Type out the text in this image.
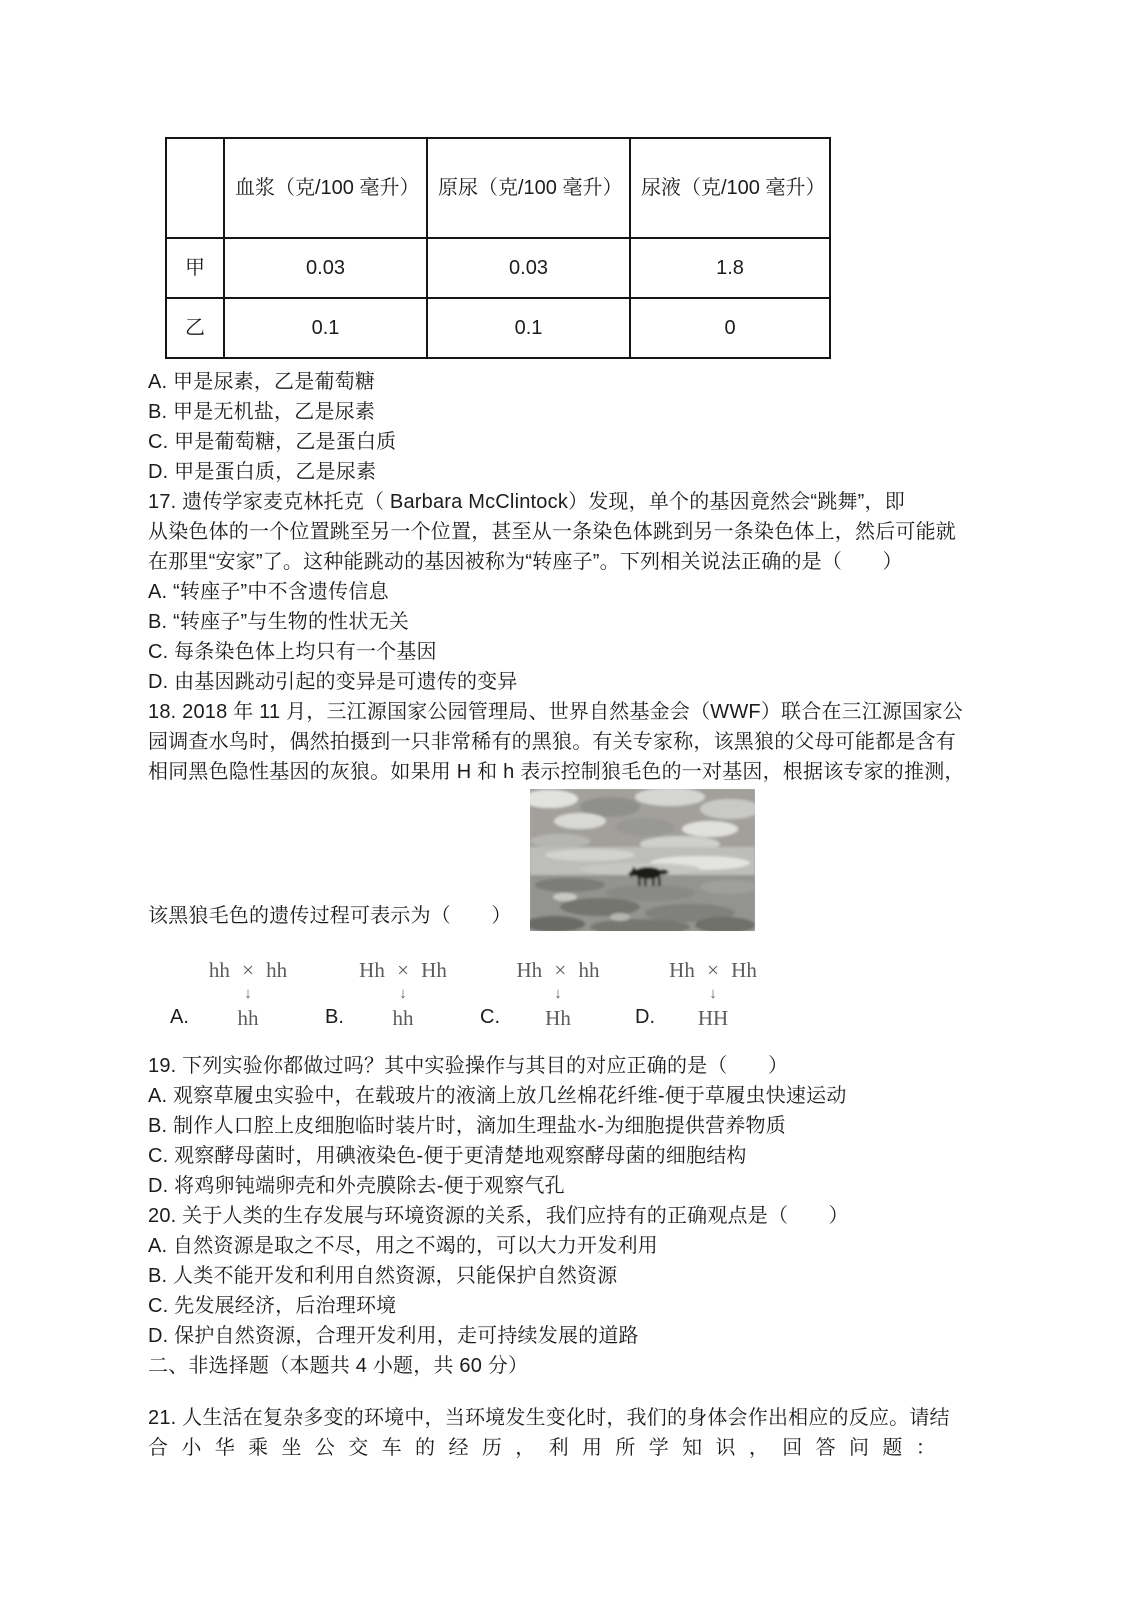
	血浆（克/100 毫升）	原尿（克/100 毫升）	尿液（克/100 毫升）
甲	0.03	0.03	1.8
乙	0.1	0.1	0
A. 甲是尿素，乙是葡萄糖
B. 甲是无机盐，乙是尿素
C. 甲是葡萄糖，乙是蛋白质
D. 甲是蛋白质，乙是尿素
17. 遗传学家麦克林托克（ Barbara McClintock）发现，单个的基因竟然会“跳舞”，即
从染色体的一个位置跳至另一个位置，甚至从一条染色体跳到另一条染色体上，然后可能就
在那里“安家”了。这种能跳动的基因被称为“转座子”。下列相关说法正确的是（　　）
A. “转座子”中不含遗传信息
B. “转座子”与生物的性状无关
C. 每条染色体上均只有一个基因
D. 由基因跳动引起的变异是可遗传的变异
18. 2018 年 11 月，三江源国家公园管理局、世界自然基金会（WWF）联合在三江源国家公
园调查水鸟时，偶然拍摄到一只非常稀有的黑狼。有关专家称，该黑狼的父母可能都是含有
相同黑色隐性基因的灰狼。如果用 H 和 h 表示控制狼毛色的一对基因，根据该专家的推测，
该黑狼毛色的遗传过程可表示为（　　）
A.
hh × hh
↓
hh	B.
Hh × Hh
↓
hh	C.
Hh × hh
↓
Hh	D.
Hh × Hh
↓
HH
19. 下列实验你都做过吗？其中实验操作与其目的对应正确的是（　　）
A. 观察草履虫实验中，在载玻片的液滴上放几丝棉花纤维-便于草履虫快速运动
B. 制作人口腔上皮细胞临时装片时，滴加生理盐水-为细胞提供营养物质
C. 观察酵母菌时，用碘液染色-便于更清楚地观察酵母菌的细胞结构
D. 将鸡卵钝端卵壳和外壳膜除去-便于观察气孔
20. 关于人类的生存发展与环境资源的关系，我们应持有的正确观点是（　　）
A. 自然资源是取之不尽，用之不竭的，可以大力开发利用
B. 人类不能开发和利用自然资源，只能保护自然资源
C. 先发展经济，后治理环境
D. 保护自然资源，合理开发利用，走可持续发展的道路
二、非选择题（本题共 4 小题，共 60 分）
21. 人生活在复杂多变的环境中，当环境发生变化时，我们的身体会作出相应的反应。请结
合小华乘坐公交车的经历，利用所学知识，回答问题：
